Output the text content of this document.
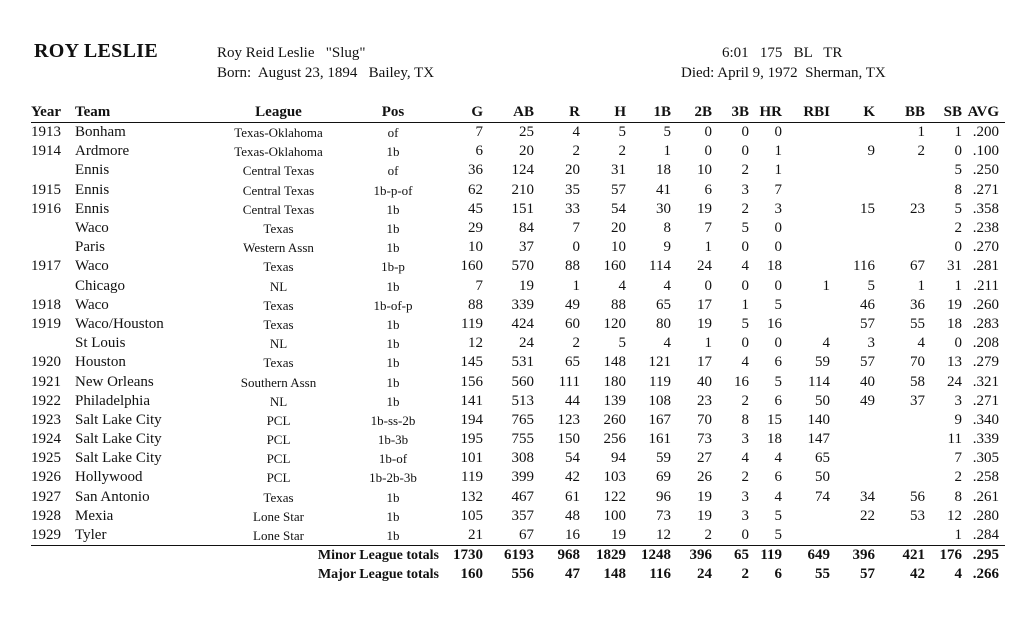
ROY LESLIE	Roy Reid Leslie   "Slug"
Born:  August 23, 1894   Bailey, TX
6:01   175   BL   TR
Died: April 9, 1972  Sherman, TX
Year	Team	League	Pos	G	AB	R	H	1B	2B	3B	HR	RBI	K	BB	SB	AVG
1913	Bonham	Texas-Oklahoma	of	7	25	4	5	5	0	0	0			1	1	.200
1914	Ardmore	Texas-Oklahoma	1b	6	20	2	2	1	0	0	1		9	2	0	.100
	Ennis	Central Texas	of	36	124	20	31	18	10	2	1				5	.250
1915	Ennis	Central Texas	1b-p-of	62	210	35	57	41	6	3	7				8	.271
1916	Ennis	Central Texas	1b	45	151	33	54	30	19	2	3		15	23	5	.358
	Waco	Texas	1b	29	84	7	20	8	7	5	0				2	.238
	Paris	Western Assn	1b	10	37	0	10	9	1	0	0				0	.270
1917	Waco	Texas	1b-p	160	570	88	160	114	24	4	18		116	67	31	.281
	Chicago	NL	1b	7	19	1	4	4	0	0	0	1	5	1	1	.211
1918	Waco	Texas	1b-of-p	88	339	49	88	65	17	1	5		46	36	19	.260
1919	Waco/Houston	Texas	1b	119	424	60	120	80	19	5	16		57	55	18	.283
	St Louis	NL	1b	12	24	2	5	4	1	0	0	4	3	4	0	.208
1920	Houston	Texas	1b	145	531	65	148	121	17	4	6	59	57	70	13	.279
1921	New Orleans	Southern Assn	1b	156	560	111	180	119	40	16	5	114	40	58	24	.321
1922	Philadelphia	NL	1b	141	513	44	139	108	23	2	6	50	49	37	3	.271
1923	Salt Lake City	PCL	1b-ss-2b	194	765	123	260	167	70	8	15	140			9	.340
1924	Salt Lake City	PCL	1b-3b	195	755	150	256	161	73	3	18	147			11	.339
1925	Salt Lake City	PCL	1b-of	101	308	54	94	59	27	4	4	65			7	.305
1926	Hollywood	PCL	1b-2b-3b	119	399	42	103	69	26	2	6	50			2	.258
1927	San Antonio	Texas	1b	132	467	61	122	96	19	3	4	74	34	56	8	.261
1928	Mexia	Lone Star	1b	105	357	48	100	73	19	3	5		22	53	12	.280
1929	Tyler	Lone Star	1b	21	67	16	19	12	2	0	5				1	.284
	Minor League totals			1730	6193	968	1829	1248	396	65	119	649	396	421	176	.295
	Major League totals			160	556	47	148	116	24	2	6	55	57	42	4	.266
